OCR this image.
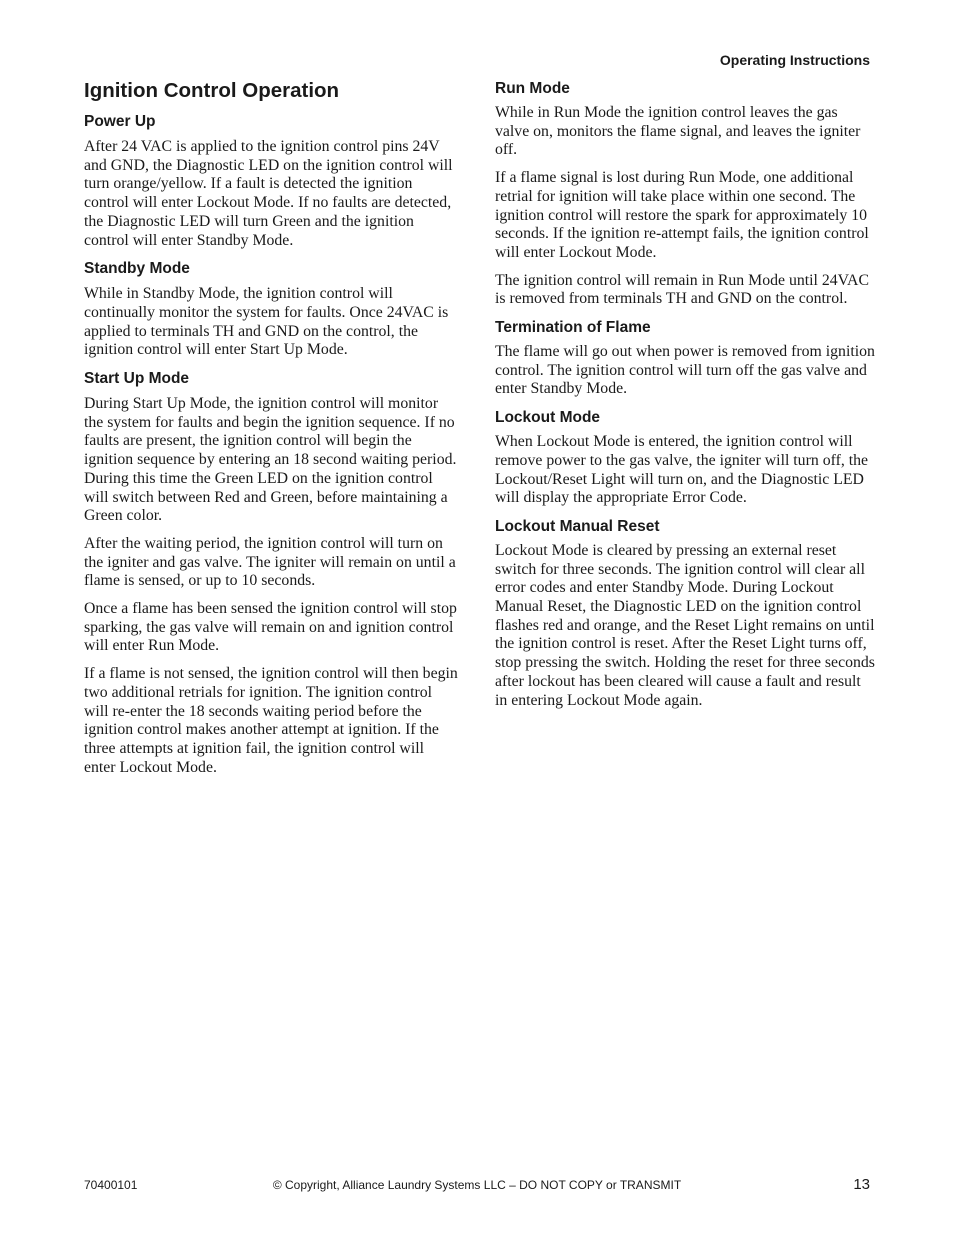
Operating Instructions
Ignition Control Operation
Power Up

After 24 VAC is applied to the ignition control pins 24V and GND, the Diagnostic LED on the ignition control will turn orange/yellow. If a fault is detected the ignition control will enter Lockout Mode. If no faults are detected, the Diagnostic LED will turn Green and the ignition control will enter Standby Mode.

Standby Mode

While in Standby Mode, the ignition control will continually monitor the system for faults. Once 24VAC is applied to terminals TH and GND on the control, the ignition control will enter Start Up Mode.

Start Up Mode

During Start Up Mode, the ignition control will monitor the system for faults and begin the ignition sequence. If no faults are present, the ignition control will begin the ignition sequence by entering an 18 second waiting period. During this time the Green LED on the ignition control will switch between Red and Green, before maintaining a Green color.

After the waiting period, the ignition control will turn on the igniter and gas valve. The igniter will remain on until a flame is sensed, or up to 10 seconds.

Once a flame has been sensed the ignition control will stop sparking, the gas valve will remain on and ignition control will enter Run Mode.

If a flame is not sensed, the ignition control will then begin two additional retrials for ignition. The ignition control will re-enter the 18 seconds waiting period before the ignition control makes another attempt at ignition. If the three attempts at ignition fail, the ignition control will enter Lockout Mode.

Run Mode

While in Run Mode the ignition control leaves the gas valve on, monitors the flame signal, and leaves the igniter off.

If a flame signal is lost during Run Mode, one additional retrial for ignition will take place within one second. The ignition control will restore the spark for approximately 10 seconds. If the ignition re-attempt fails, the ignition control will enter Lockout Mode.

The ignition control will remain in Run Mode until 24VAC is removed from terminals TH and GND on the control.

Termination of Flame

The flame will go out when power is removed from ignition control. The ignition control will turn off the gas valve and enter Standby Mode.

Lockout Mode

When Lockout Mode is entered, the ignition control will remove power to the gas valve, the igniter will turn off, the Lockout/Reset Light will turn on, and the Diagnostic LED will display the appropriate Error Code.

Lockout Manual Reset

Lockout Mode is cleared by pressing an external reset switch for three seconds. The ignition control will clear all error codes and enter Standby Mode. During Lockout Manual Reset, the Diagnostic LED on the ignition control flashes red and orange, and the Reset Light remains on until the ignition control is reset. After the Reset Light turns off, stop pressing the switch. Holding the reset for three seconds after lockout has been cleared will cause a fault and result in entering Lockout Mode again.

70400101	© Copyright, Alliance Laundry Systems LLC – DO NOT COPY or TRANSMIT	13
